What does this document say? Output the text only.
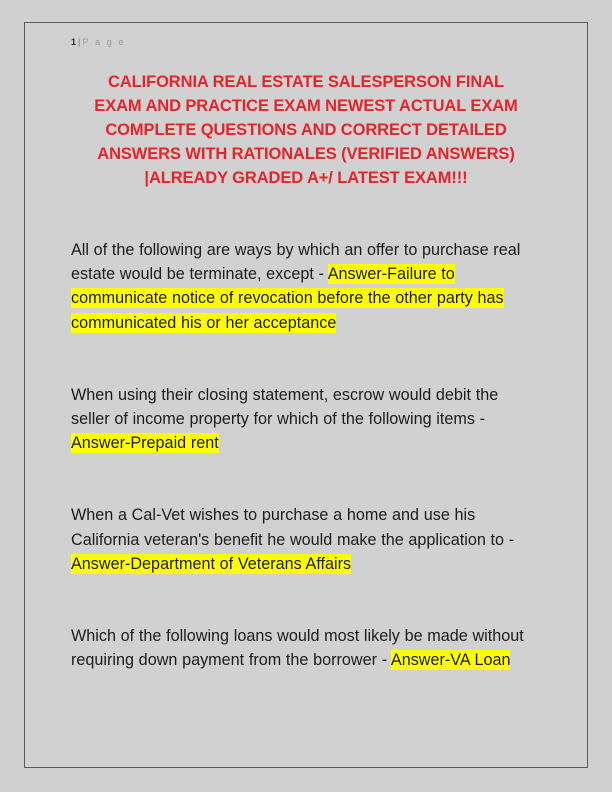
1 | P a g e
CALIFORNIA REAL ESTATE SALESPERSON FINAL
EXAM AND PRACTICE EXAM NEWEST ACTUAL EXAM
COMPLETE QUESTIONS AND CORRECT DETAILED
ANSWERS WITH RATIONALES (VERIFIED ANSWERS)
|ALREADY GRADED A+/ LATEST EXAM!!!

All of the following are ways by which an offer to purchase real estate would be terminate, except - Answer-Failure to communicate notice of revocation before the other party has communicated his or her acceptance

When using their closing statement, escrow would debit the seller of income property for which of the following items - Answer-Prepaid rent

When a Cal-Vet wishes to purchase a home and use his California veteran's benefit he would make the application to - Answer-Department of Veterans Affairs

Which of the following loans would most likely be made without requiring down payment from the borrower - Answer-VA Loan
